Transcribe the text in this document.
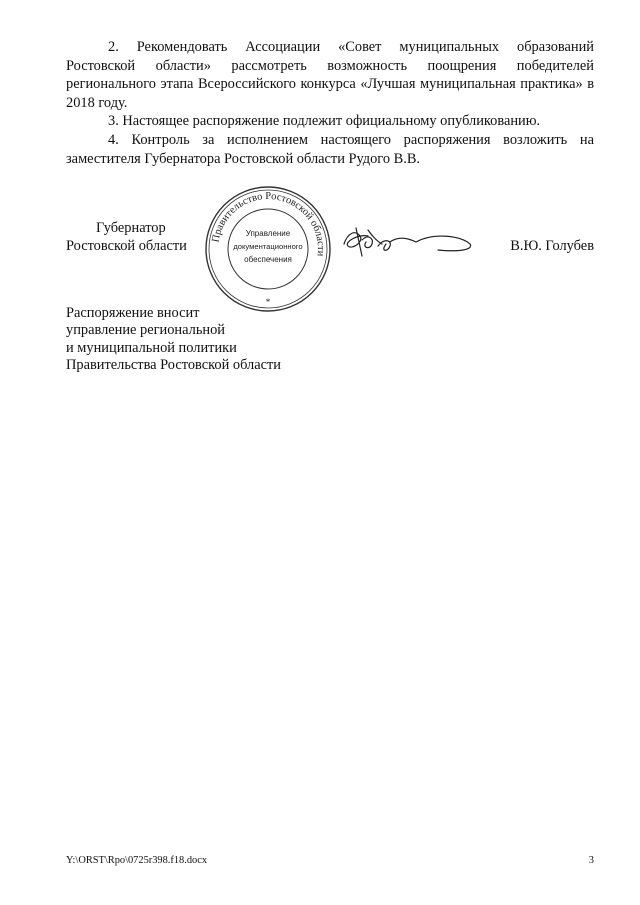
2. Рекомендовать Ассоциации «Совет муниципальных образований Ростовской области» рассмотреть возможность поощрения победителей регионального этапа Всероссийского конкурса «Лучшая муниципальная практика» в 2018 году.

3. Настоящее распоряжение подлежит официальному опубликованию.

4. Контроль за исполнением настоящего распоряжения возложить на заместителя Губернатора Ростовской области Рудого В.В.

Губернатор
Ростовской области Правительство Ростовской области
Управление
документационного
обеспечения
*
В.Ю. Голубев
Распоряжение вносит
управление региональной
и муниципальной политики
Правительства Ростовской области
Y:\ORST\Rpo\0725r398.f18.docx	3
